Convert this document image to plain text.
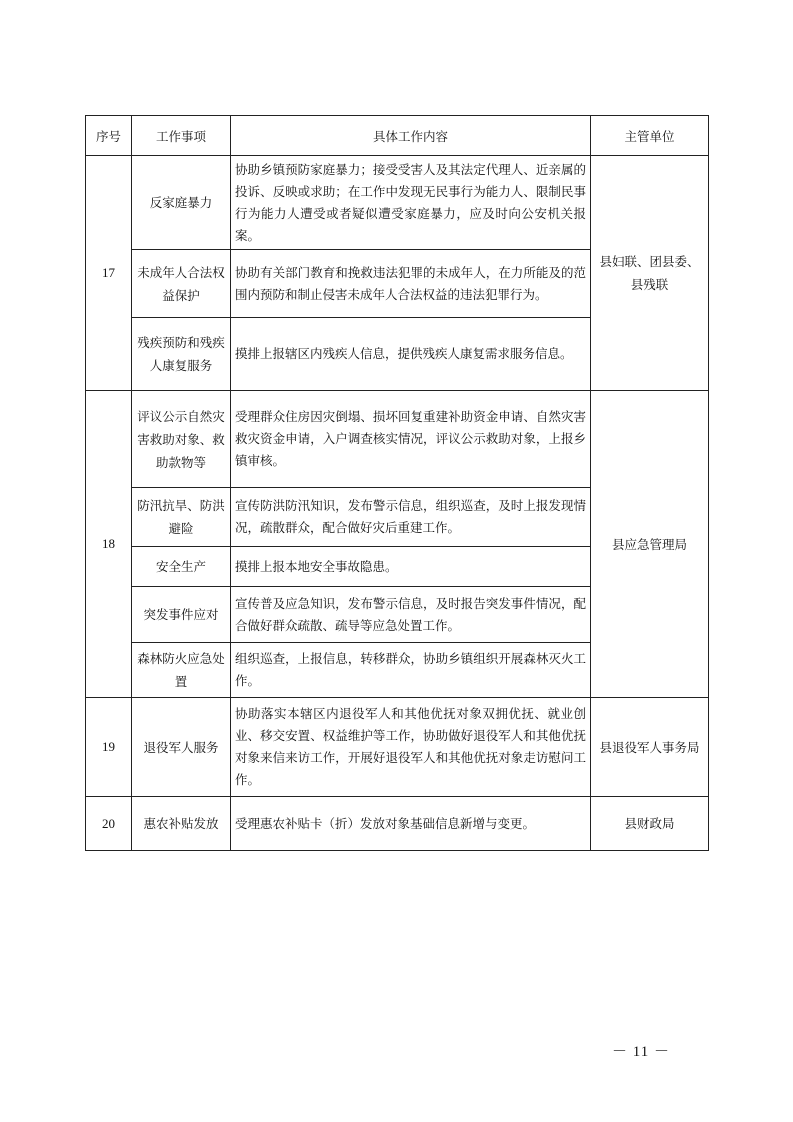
序号	工作事项	具体工作内容	主管单位
17	反家庭暴力	协助乡镇预防家庭暴力；接受受害人及其法定代理人、近亲属的投诉、反映或求助；在工作中发现无民事行为能力人、限制民事行为能力人遭受或者疑似遭受家庭暴力，应及时向公安机关报案。	县妇联、团县委、县残联
	未成年人合法权益保护	协助有关部门教育和挽救违法犯罪的未成年人，在力所能及的范围内预防和制止侵害未成年人合法权益的违法犯罪行为。	
	残疾预防和残疾人康复服务	摸排上报辖区内残疾人信息，提供残疾人康复需求服务信息。	
18	评议公示自然灾害救助对象、救助款物等	受理群众住房因灾倒塌、损坏回复重建补助资金申请、自然灾害救灾资金申请，入户调查核实情况，评议公示救助对象，上报乡镇审核。	县应急管理局
	防汛抗旱、防洪避险	宣传防洪防汛知识，发布警示信息，组织巡查，及时上报发现情况，疏散群众，配合做好灾后重建工作。	
	安全生产	摸排上报本地安全事故隐患。	
	突发事件应对	宣传普及应急知识，发布警示信息，及时报告突发事件情况，配合做好群众疏散、疏导等应急处置工作。	
	森林防火应急处置	组织巡查，上报信息，转移群众，协助乡镇组织开展森林灭火工作。	
19	退役军人服务	协助落实本辖区内退役军人和其他优抚对象双拥优抚、就业创业、移交安置、权益维护等工作，协助做好退役军人和其他优抚对象来信来访工作，开展好退役军人和其他优抚对象走访慰问工作。	县退役军人事务局
20	惠农补贴发放	受理惠农补贴卡（折）发放对象基础信息新增与变更。	县财政局
－ 11 －
